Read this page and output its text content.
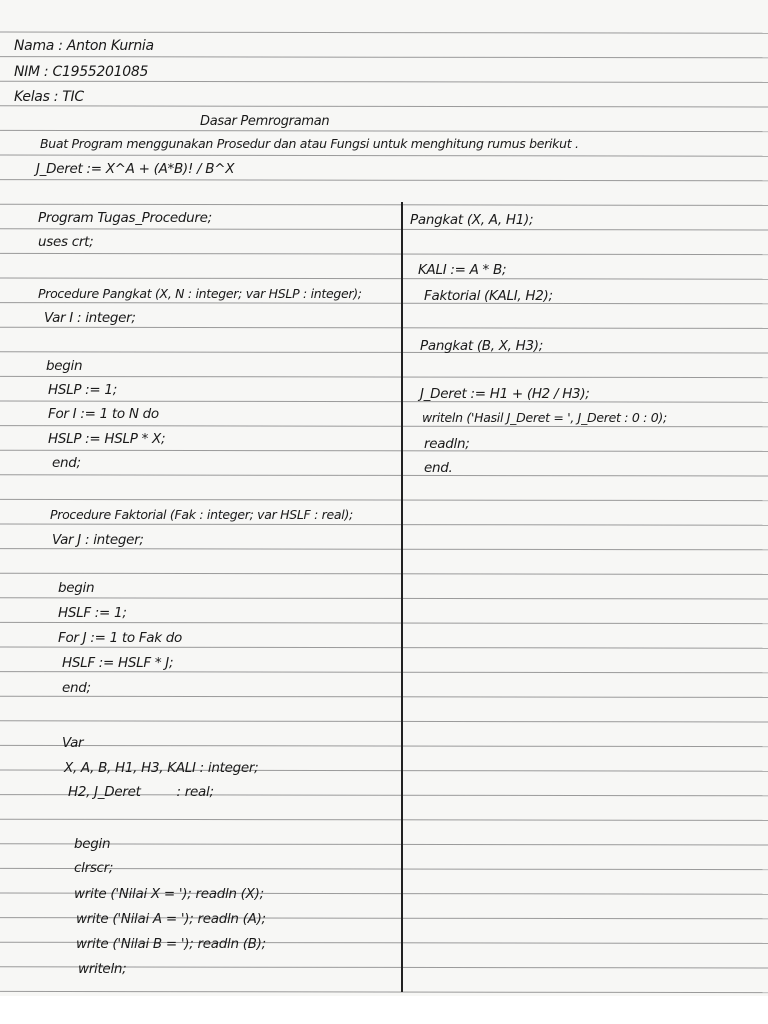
Nama : Anton Kurnia
NIM : C1955201085
Kelas : TIC
Dasar Pemrograman
Buat Program menggunakan Prosedur dan atau Fungsi untuk menghitung rumus berikut .
J_Deret := X^A + (A*B)! / B^X
Program Tugas_Procedure;
uses crt;
Procedure Pangkat (X, N : integer; var HSLP : integer);
Var I : integer;
begin
HSLP := 1;
For I := 1 to N do
HSLP := HSLP * X;
end;
Procedure Faktorial (Fak : integer; var HSLF : real);
Var J : integer;
begin
HSLF := 1;
For J := 1 to Fak do
HSLF := HSLF * J;
end;
Var
X, A, B, H1, H3, KALI : integer;
H2, J_Deret         : real;
begin
clrscr;
write ('Nilai X = '); readln (X);
write ('Nilai A = '); readln (A);
write ('Nilai B = '); readln (B);
writeln;
Pangkat (X, A, H1);
KALI := A * B;
Faktorial (KALI, H2);
Pangkat (B, X, H3);
J_Deret := H1 + (H2 / H3);
writeln ('Hasil J_Deret = ', J_Deret : 0 : 0);
readln;
end.
